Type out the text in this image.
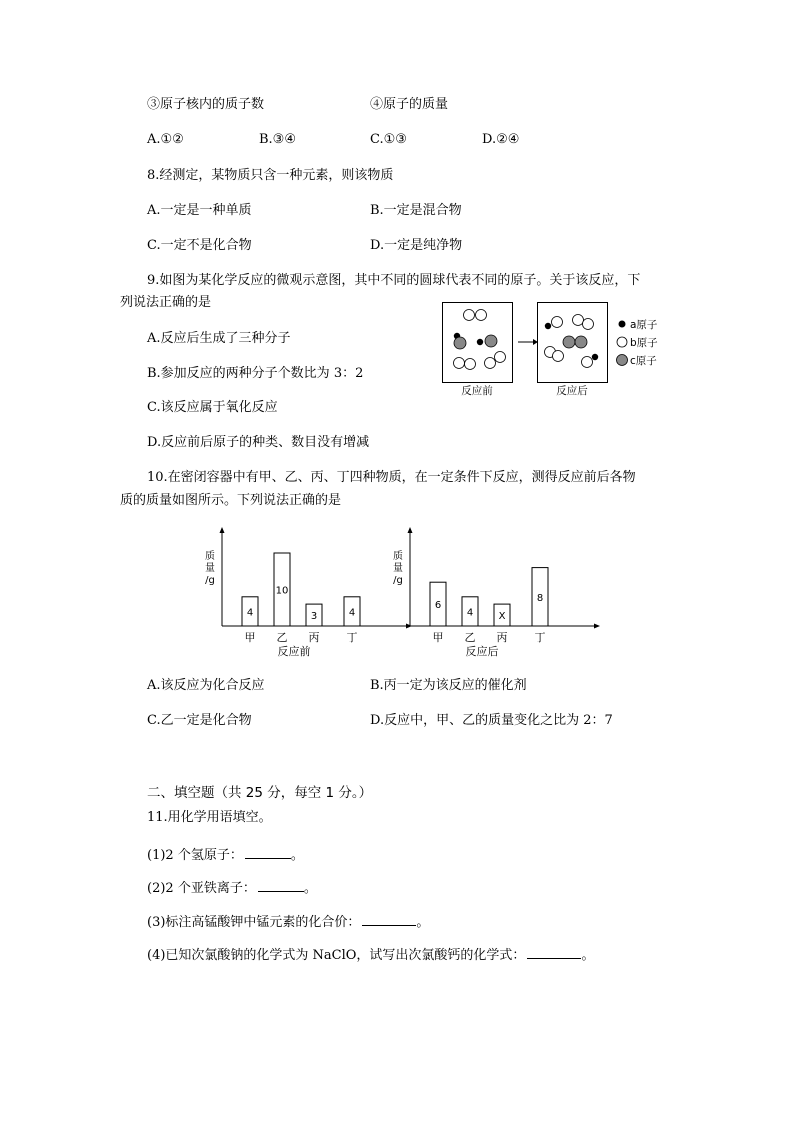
③原子核内的质子数	④原子的质量
A.①②	B.③④	C.①③	D.②④
8.经测定，某物质只含一种元素，则该物质
A.一定是一种单质	B.一定是混合物
C.一定不是化合物	D.一定是纯净物
9.如图为某化学反应的微观示意图，其中不同的圆球代表不同的原子。关于该反应，下
列说法正确的是
A.反应后生成了三种分子
B.参加反应的两种分子个数比为 3：2
C.该反应属于氧化反应
D.反应前后原子的种类、数目没有增减
反应前	反应后
a原子
b原子
c原子
10.在密闭容器中有甲、乙、丙、丁四种物质，在一定条件下反应，测得反应前后各物
质的质量如图所示。下列说法正确的是
质
量
/g
4
甲
10
乙
3
丙
4
丁
反应前
质
量
/g
6
甲
4
乙
X
丙
8
丁
反应后
A.该反应为化合反应	B.丙一定为该反应的催化剂
C.乙一定是化合物	D.反应中，甲、乙的质量变化之比为 2：7
二、填空题（共 25 分，每空 1 分。）
11.用化学用语填空。
(1)2 个氢原子：	。
(2)2 个亚铁离子：	。
(3)标注高锰酸钾中锰元素的化合价：	。
(4)已知次氯酸钠的化学式为 NaClO，试写出次氯酸钙的化学式：	。
